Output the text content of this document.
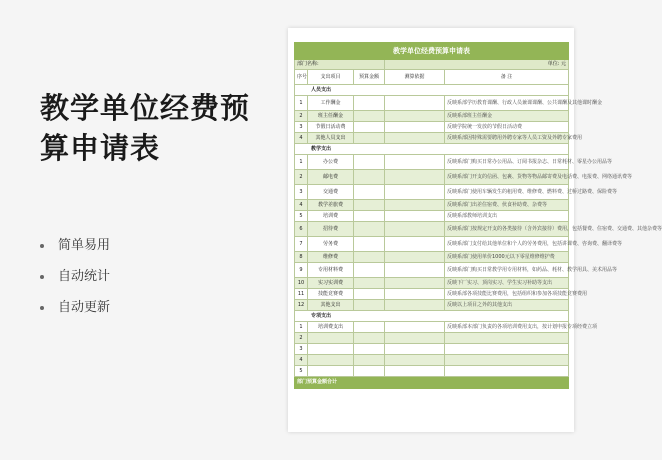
教学单位经费预
算申请表
简单易用
自动统计
自动更新
教学单位经费预算申请表				
部门名称:			单位: 元	
序号	支出项目	预算金额	测算依据	备 注
人员支出				
1	工作酬金			反映系部学历教育课酬、行政人员兼课课酬、公共课酬及其他课时酬金
2	班主任酬金			反映系部班主任酬金
3	节假日活动费			反映学院统一发放的节假日活动费
4	其他人员支出			反映系部因特殊需要聘用外聘专家等人员工资及外聘专家费用
教学支出				
1	办公费			反映系部门购买日常办公用品、订阅书报杂志、日常耗材、零星办公用品等
2	邮电费			反映系部门开支的信函、包裹、货物等物品邮寄费及电话费、电报费、网络通讯费等
3	交通费			反映系部门使用车辆发生的租用费、维修费、燃料费、过桥过路费、保险费等
4	教学差旅费			反映系部门出差住宿费、伙食补助费、杂费等
5	培训费			反映系部教师培训支出
6	招待费			反映系部门按规定开支的各类接待（含外宾接待）费用，包括餐费、住宿费、交通费、其他杂费等
7	劳务费			反映系部门支付给其他单位和个人的劳务费用，包括讲课费、咨询费、翻译费等
8	维修费			反映系部门使用单价1000元以下零星维修维护费
9	专用材料费			反映系部门购买日常教学用专用材料，如药品、耗材、教学用具、美术用品等
10	实习实训费			反映下厂实习、顶岗实习、学生实习补助等支出
11	技能竞赛费			反映系部各项技能比赛费用，包括组织和参加各项技能竞赛费用
12	其他支出			反映以上项目之外的其他支出
专项支出				
1	培训费支出			反映系部本部门负责的各项培训费用支出，按计划申报专项经费立项
2				
3				
4				
5				
部门预算金额合计				
